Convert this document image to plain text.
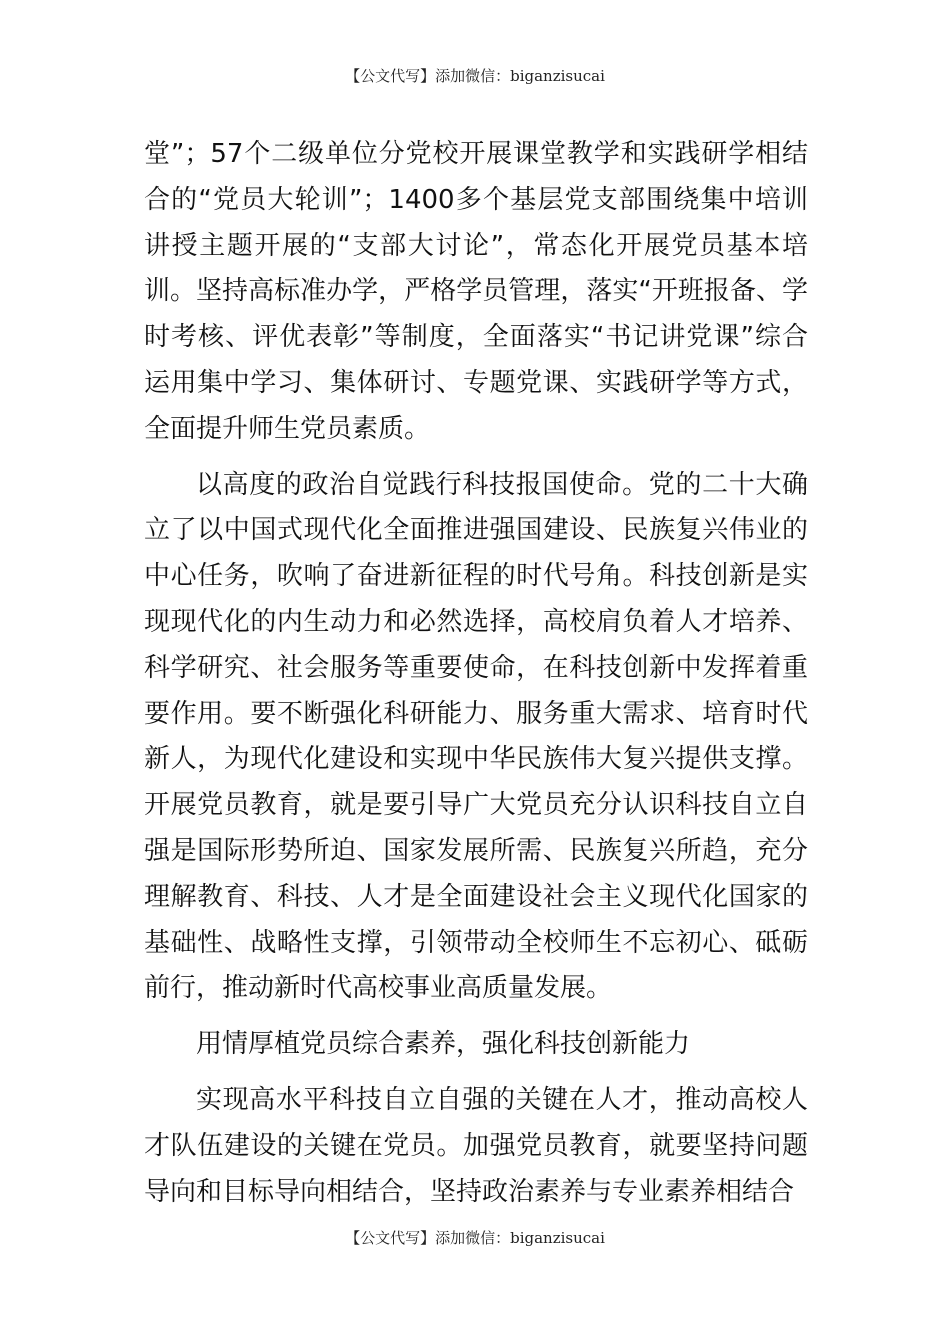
【公文代写】添加微信：biganzisucai

堂”；57个二级单位分党校开展课堂教学和实践研学相结合的“党员大轮训”；1400多个基层党支部围绕集中培训讲授主题开展的“支部大讨论”，常态化开展党员基本培训。坚持高标准办学，严格学员管理，落实“开班报备、学时考核、评优表彰”等制度，全面落实“书记讲党课”综合运用集中学习、集体研讨、专题党课、实践研学等方式，全面提升师生党员素质。

以高度的政治自觉践行科技报国使命。党的二十大确立了以中国式现代化全面推进强国建设、民族复兴伟业的中心任务，吹响了奋进新征程的时代号角。科技创新是实现现代化的内生动力和必然选择，高校肩负着人才培养、科学研究、社会服务等重要使命，在科技创新中发挥着重要作用。要不断强化科研能力、服务重大需求、培育时代新人，为现代化建设和实现中华民族伟大复兴提供支撑。开展党员教育，就是要引导广大党员充分认识科技自立自强是国际形势所迫、国家发展所需、民族复兴所趋，充分理解教育、科技、人才是全面建设社会主义现代化国家的基础性、战略性支撑，引领带动全校师生不忘初心、砥砺前行，推动新时代高校事业高质量发展。

用情厚植党员综合素养，强化科技创新能力

实现高水平科技自立自强的关键在人才，推动高校人才队伍建设的关键在党员。加强党员教育，就要坚持问题导向和目标导向相结合，坚持政治素养与专业素养相结合

【公文代写】添加微信：biganzisucai
